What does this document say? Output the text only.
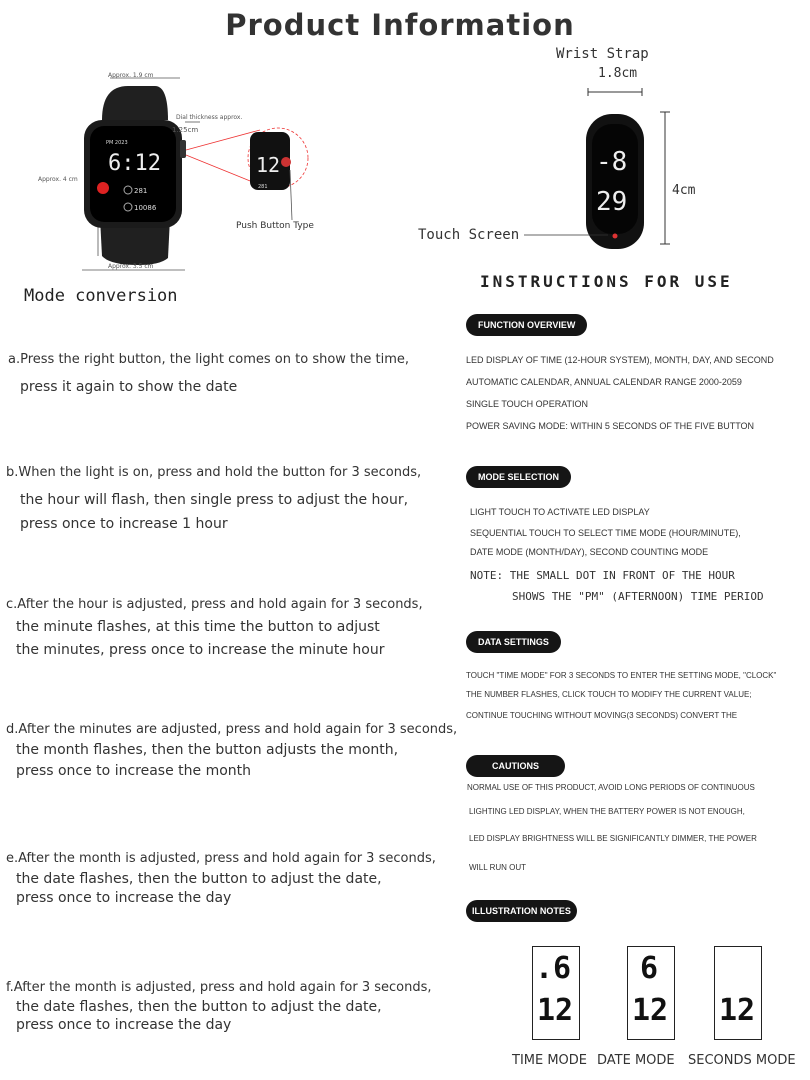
Product Information
PM 2023
6:12
281
10086
12
281
Approx. 1.9 cm
Approx. 4 cm
Approx. 3.5 cm
Dial thickness approx.
1.25cm
Push Button Type
Wrist Strap
1.8cm
4cm
Touch Screen
-8
29
Mode conversion
INSTRUCTIONS FOR USE
a.Press the right button, the light comes on to show the time,
press it again to show the date
b.When the light is on, press and hold the button for 3 seconds,
the hour will flash, then single press to adjust the hour,
press once to increase 1 hour
c.After the hour is adjusted, press and hold again for 3 seconds,
the minute flashes, at this time the button to adjust
the minutes, press once to increase the minute hour
d.After the minutes are adjusted, press and hold again for 3 seconds,
the month flashes, then the button adjusts the month,
press once to increase the month
e.After the month is adjusted, press and hold again for 3 seconds,
the date flashes, then the button to adjust the date,
press once to increase the day
f.After the month is adjusted, press and hold again for 3 seconds,
the date flashes, then the button to adjust the date,
press once to increase the day
FUNCTION OVERVIEW
LED DISPLAY OF TIME (12-HOUR SYSTEM), MONTH, DAY, AND SECOND
AUTOMATIC CALENDAR, ANNUAL CALENDAR RANGE 2000-2059
SINGLE TOUCH OPERATION
POWER SAVING MODE: WITHIN 5 SECONDS OF THE FIVE BUTTON
MODE SELECTION
LIGHT TOUCH TO ACTIVATE LED DISPLAY
SEQUENTIAL TOUCH TO SELECT TIME MODE (HOUR/MINUTE),
DATE MODE (MONTH/DAY), SECOND COUNTING MODE
NOTE: THE SMALL DOT IN FRONT OF THE HOUR
SHOWS THE "PM" (AFTERNOON) TIME PERIOD
DATA SETTINGS
TOUCH "TIME MODE" FOR 3 SECONDS TO ENTER THE SETTING MODE, "CLOCK"
THE NUMBER FLASHES, CLICK TOUCH TO MODIFY THE CURRENT VALUE;
CONTINUE TOUCHING WITHOUT MOVING(3 SECONDS) CONVERT THE
CAUTIONS
NORMAL USE OF THIS PRODUCT, AVOID LONG PERIODS OF CONTINUOUS
LIGHTING LED DISPLAY, WHEN THE BATTERY POWER IS NOT ENOUGH,
LED DISPLAY BRIGHTNESS WILL BE SIGNIFICANTLY DIMMER, THE POWER
WILL RUN OUT
ILLUSTRATION NOTES
.6
12
6
12 12
TIME MODE DATE MODE SECONDS MODE
